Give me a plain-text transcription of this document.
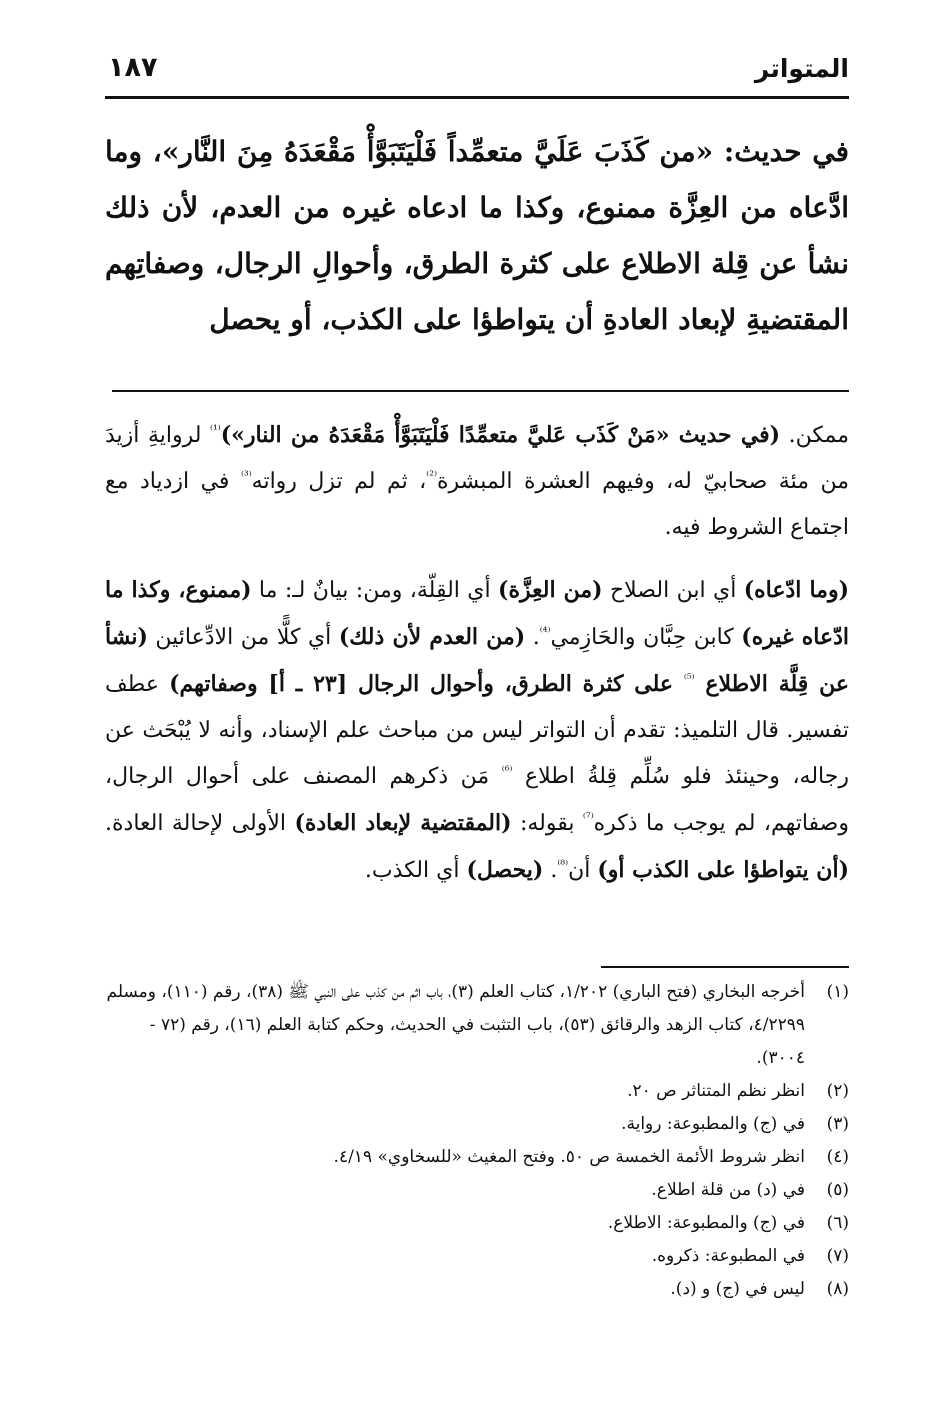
المتواتر
١٨٧
في حديث: «من كَذَبَ عَلَيَّ متعمِّداً فَلْيَتَبَوَّأْ مَقْعَدَهُ مِنَ النَّار»، وما ادَّعاه من العِزَّة ممنوع، وكذا ما ادعاه غيره من العدم، لأن ذلك نشأ عن قِلة الاطلاع على كثرة الطرق، وأحوالِ الرجال، وصفاتِهم المقتضيةِ لإبعاد العادةِ أن يتواطؤا على الكذب، أو يحصل

ممكن. (في حديث «مَنْ كَذَب عَليَّ متعمِّدًا فَلْيَتَبَوَّأْ مَقْعَدَهُ من النار»)$^{^{(1)}}$ لروايةِ أزيدَ من مئة صحابيّ له، وفيهم العشرة المبشرة$^{^{(2)}}$، ثم لم تزل رواته$^{^{(3)}}$ في ازدياد مع اجتماع الشروط فيه.

(وما ادّعاه) أي ابن الصلاح (من العِزَّة) أي القِلّة، ومن: بيانٌ لـ: ما (ممنوع، وكذا ما ادّعاه غيره) كابن حِبَّان والحَازِمي$^{^{(4)}}$. (من العدم لأن ذلك) أي كلًّا من الادِّعائين (نشأ عن قِلَّة الاطلاع $^{^{(5)}}$ على كثرة الطرق، وأحوال الرجال [٢٣ ـ أ] وصفاتهم) عطف تفسير. قال التلميذ: تقدم أن التواتر ليس من مباحث علم الإسناد، وأنه لا يُبْحَث عن رجاله، وحينئذ فلو سُلِّم قِلةُ اطلاع $^{^{(6)}}$ مَن ذكرهم المصنف على أحوال الرجال، وصفاتهم، لم يوجب ما ذكره$^{^{(7)}}$ بقوله: (المقتضية لإبعاد العادة) الأولى لإحالة العادة. (أن يتواطؤا على الكذب أو) أن$^{^{(8)}}$. (يحصل) أي الكذب.

(١)
أخرجه البخاري (فتح الباري) ١/٢٠٢، كتاب العلم (٣)، باب اثم من كذب على النبي ﷺ (٣٨)، رقم (١١٠)، ومسلم ٤/٢٢٩٩، كتاب الزهد والرقائق (٥٣)، باب التثبت في الحديث، وحكم كتابة العلم (١٦)، رقم (٧٢ - ٣٠٠٤).
(٢)
انظر نظم المتناثر ص ٢٠.
(٣)
في (ج) والمطبوعة: رواية.
(٤)
انظر شروط الأئمة الخمسة ص ٥٠. وفتح المغيث «للسخاوي» ٤/١٩.
(٥)
في (د) من قلة اطلاع.
(٦)
في (ج) والمطبوعة: الاطلاع.
(٧)
في المطبوعة: ذكروه.
(٨)
ليس في (ج) و (د).
